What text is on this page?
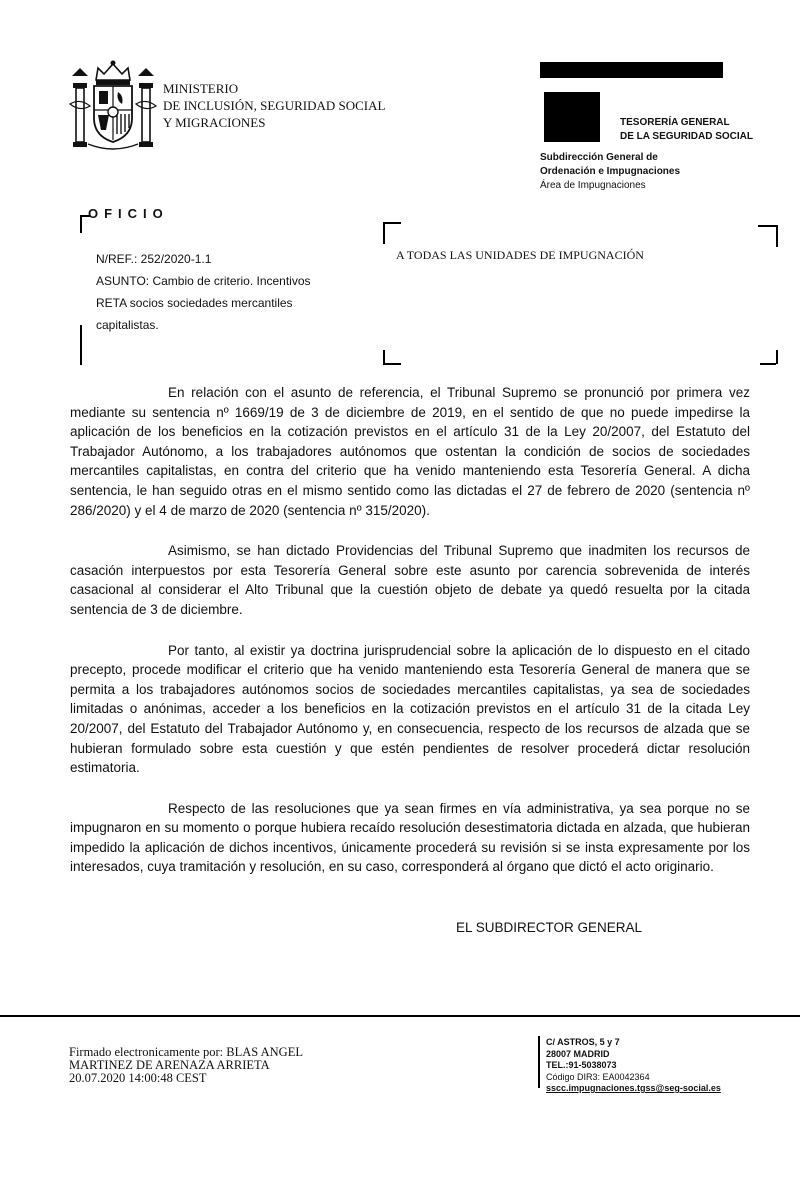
MINISTERIO
DE INCLUSIÓN, SEGURIDAD SOCIAL
Y MIGRACIONES	TESORERÍA GENERAL
DE LA SEGURIDAD SOCIAL
Subdirección General de
Ordenación e Impugnaciones
Área de Impugnaciones
OFICIO
N/REF.: 252/2020-1.1
ASUNTO: Cambio de criterio. Incentivos
RETA socios sociedades mercantiles
capitalistas.
A TODAS LAS UNIDADES DE IMPUGNACIÓN

En relación con el asunto de referencia, el Tribunal Supremo se pronunció por primera vez mediante su sentencia nº 1669/19 de 3 de diciembre de 2019, en el sentido de que no puede impedirse la aplicación de los beneficios en la cotización previstos en el artículo 31 de la Ley 20/2007, del Estatuto del Trabajador Autónomo, a los trabajadores autónomos que ostentan la condición de socios de sociedades mercantiles capitalistas, en contra del criterio que ha venido manteniendo esta Tesorería General. A dicha sentencia, le han seguido otras en el mismo sentido como las dictadas el 27 de febrero de 2020 (sentencia nº 286/2020) y el 4 de marzo de 2020 (sentencia nº 315/2020).

Asimismo, se han dictado Providencias del Tribunal Supremo que inadmiten los recursos de casación interpuestos por esta Tesorería General sobre este asunto por carencia sobrevenida de interés casacional al considerar el Alto Tribunal que la cuestión objeto de debate ya quedó resuelta por la citada sentencia de 3 de diciembre.

Por tanto, al existir ya doctrina jurisprudencial sobre la aplicación de lo dispuesto en el citado precepto, procede modificar el criterio que ha venido manteniendo esta Tesorería General de manera que se permita a los trabajadores autónomos socios de sociedades mercantiles capitalistas, ya sea de sociedades limitadas o anónimas, acceder a los beneficios en la cotización previstos en el artículo 31 de la citada Ley 20/2007, del Estatuto del Trabajador Autónomo y, en consecuencia, respecto de los recursos de alzada que se hubieran formulado sobre esta cuestión y que estén pendientes de resolver procederá dictar resolución estimatoria.

Respecto de las resoluciones que ya sean firmes en vía administrativa, ya sea porque no se impugnaron en su momento o porque hubiera recaído resolución desestimatoria dictada en alzada, que hubieran impedido la aplicación de dichos incentivos, únicamente procederá su revisión si se insta expresamente por los interesados, cuya tramitación y resolución, en su caso, corresponderá al órgano que dictó el acto originario.

EL SUBDIRECTOR GENERAL
Firmado electronicamente por: BLAS ANGEL
MARTINEZ DE ARENAZA ARRIETA
20.07.2020 14:00:48 CEST
C/ ASTROS, 5 y 7
28007 MADRID
TEL.:91-5038073
Código DIR3: EA0042364
sscc.impugnaciones.tgss@seg-social.es
